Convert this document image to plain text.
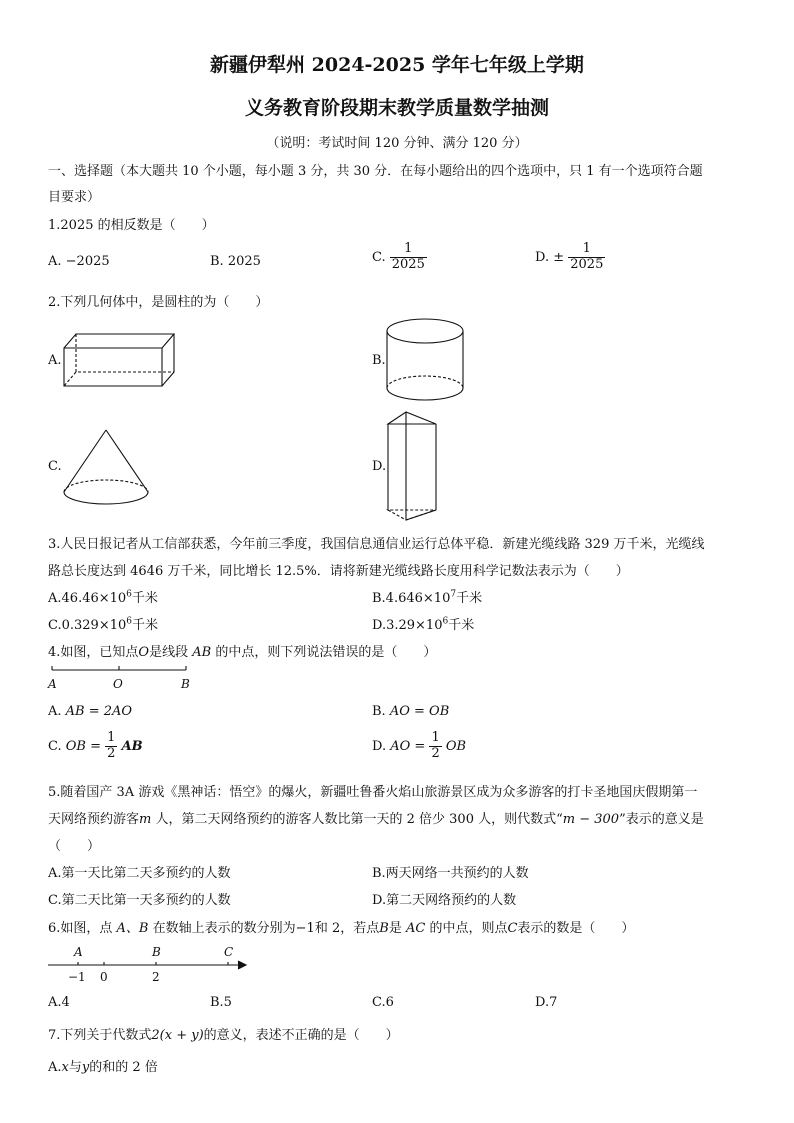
新疆伊犁州 2024-2025 学年七年级上学期
义务教育阶段期末教学质量数学抽测
（说明：考试时间 120 分钟、满分 120 分）
一、选择题（本大题共 10 个小题，每小题 3 分，共 30 分．在每小题给出的四个选项中，只 1 有一个选项符合题
目要求）
1.2025 的相反数是（　　）
A. −2025	B. 2025	C. $\frac{1}{2025}$	D. ± $\frac{1}{2025}$
2.下列几何体中，是圆柱的为（　　）
A.	B.
C.	D.
3.人民日报记者从工信部获悉，今年前三季度，我国信息通信业运行总体平稳．新建光缆线路 329 万千米，光缆线
路总长度达到 4646 万千米，同比增长 12.5%．请将新建光缆线路长度用科学记数法表示为（　　）
$A.46.46\times 10^6$千米	$B.4.646\times 10^7$千米
$C.0.329\times 10^6$千米	$D.3.29\times 10^6$千米
4.如图，已知点O是线段 AB 的中点，则下列说法错误的是（　　）
A	O	B
A. AB = 2AO	B. AO = OB
C. OB = $\frac{1}{2}$ AB	D. AO = $\frac{1}{2}$ OB
5.随着国产 3A 游戏《黑神话：悟空》的爆火，新疆吐鲁番火焰山旅游景区成为众多游客的打卡圣地国庆假期第一
天网络预约游客m 人，第二天网络预约的游客人数比第一天的 2 倍少 300 人，则代数式“m − 300”表示的意义是
（　　）
A.第一天比第二天多预约的人数	B.两天网络一共预约的人数
C.第二天比第一天多预约的人数	D.第二天网络预约的人数
6.如图，点 A、B 在数轴上表示的数分别为−1和 2，若点B是 AC 的中点，则点C表示的数是（　　）
A	B	C
−1 0	2
A.4	B.5	C.6	D.7
7.下列关于代数式2(x + y)的意义，表述不正确的是（　　）
A.x与y的和的 2 倍
